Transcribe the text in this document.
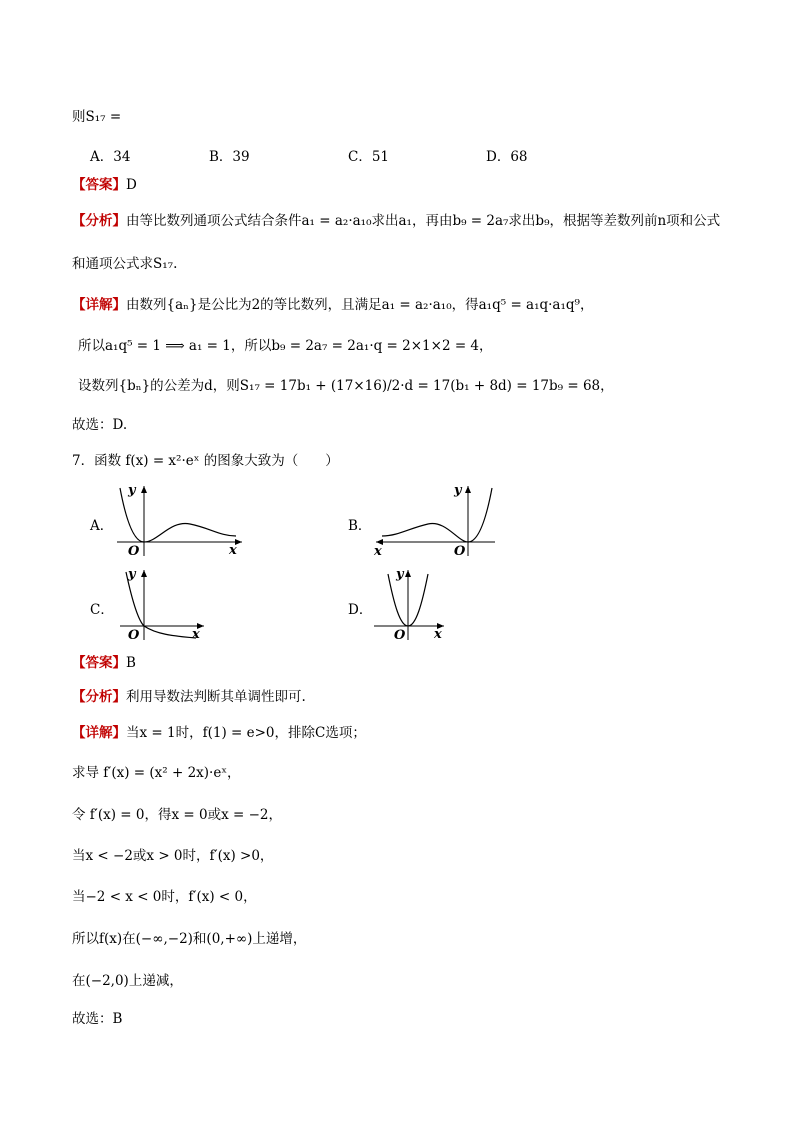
则S₁₇ =
A．34	B．39	C．51	D．68
【答案】D
【分析】由等比数列通项公式结合条件a₁ = a₂·a₁₀求出a₁，再由b₉ = 2a₇求出b₉，根据等差数列前n项和公式
和通项公式求S₁₇.
【详解】由数列{aₙ}是公比为2的等比数列，且满足a₁ = a₂·a₁₀，得a₁q⁵ = a₁q·a₁q⁹，
所以a₁q⁵ = 1 ⟹ a₁ = 1，所以b₉ = 2a₇ = 2a₁·q = 2×1×2 = 4，
设数列{bₙ}的公差为d，则S₁₇ = 17b₁ + (17×16)/2·d = 17(b₁ + 8d) = 17b₉ = 68，
故选：D.
7．函数 f(x) = x²·eˣ 的图象大致为（　　）
A．
y
x
O
B．
y
x	O
C．
y
x
O
D．
y
x
O
【答案】B
【分析】利用导数法判断其单调性即可.
【详解】当x = 1时，f(1) = e>0，排除C选项；
求导 f′(x) = (x² + 2x)·eˣ，
令 f′(x) = 0，得x = 0或x = −2，
当x < −2或x > 0时，f′(x) >0，
当−2 < x < 0时，f′(x) < 0，
所以f(x)在(−∞,−2)和(0,+∞)上递增，
在(−2,0)上递减，
故选：B
